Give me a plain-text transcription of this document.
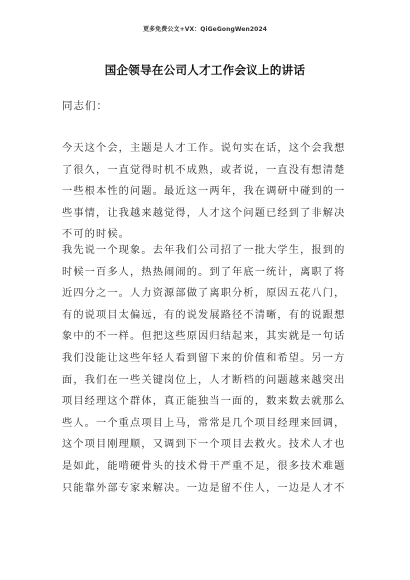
更多免费公文+VX：QiGeGongWen2024
国企领导在公司人才工作会议上的讲话
同志们：
今天这个会，主题是人才工作。说句实在话，这个会我想
了很久，一直觉得时机不成熟，或者说，一直没有想清楚
一些根本性的问题。最近这一两年，我在调研中碰到的一
些事情，让我越来越觉得，人才这个问题已经到了非解决
不可的时候。
我先说一个现象。去年我们公司招了一批大学生，报到的
时候一百多人，热热闹闹的。到了年底一统计，离职了将
近四分之一。人力资源部做了离职分析，原因五花八门，
有的说项目太偏远，有的说发展路径不清晰，有的说跟想
象中的不一样。但把这些原因归结起来，其实就是一句话
我们没能让这些年轻人看到留下来的价值和希望。另一方
面，我们在一些关键岗位上，人才断档的问题越来越突出
项目经理这个群体，真正能独当一面的，数来数去就那么
些人。一个重点项目上马，常常是几个项目经理来回调，
这个项目刚理顺，又调到下一个项目去救火。技术人才也
是如此，能啃硬骨头的技术骨干严重不足，很多技术难题
只能靠外部专家来解决。一边是留不住人，一边是人才不
